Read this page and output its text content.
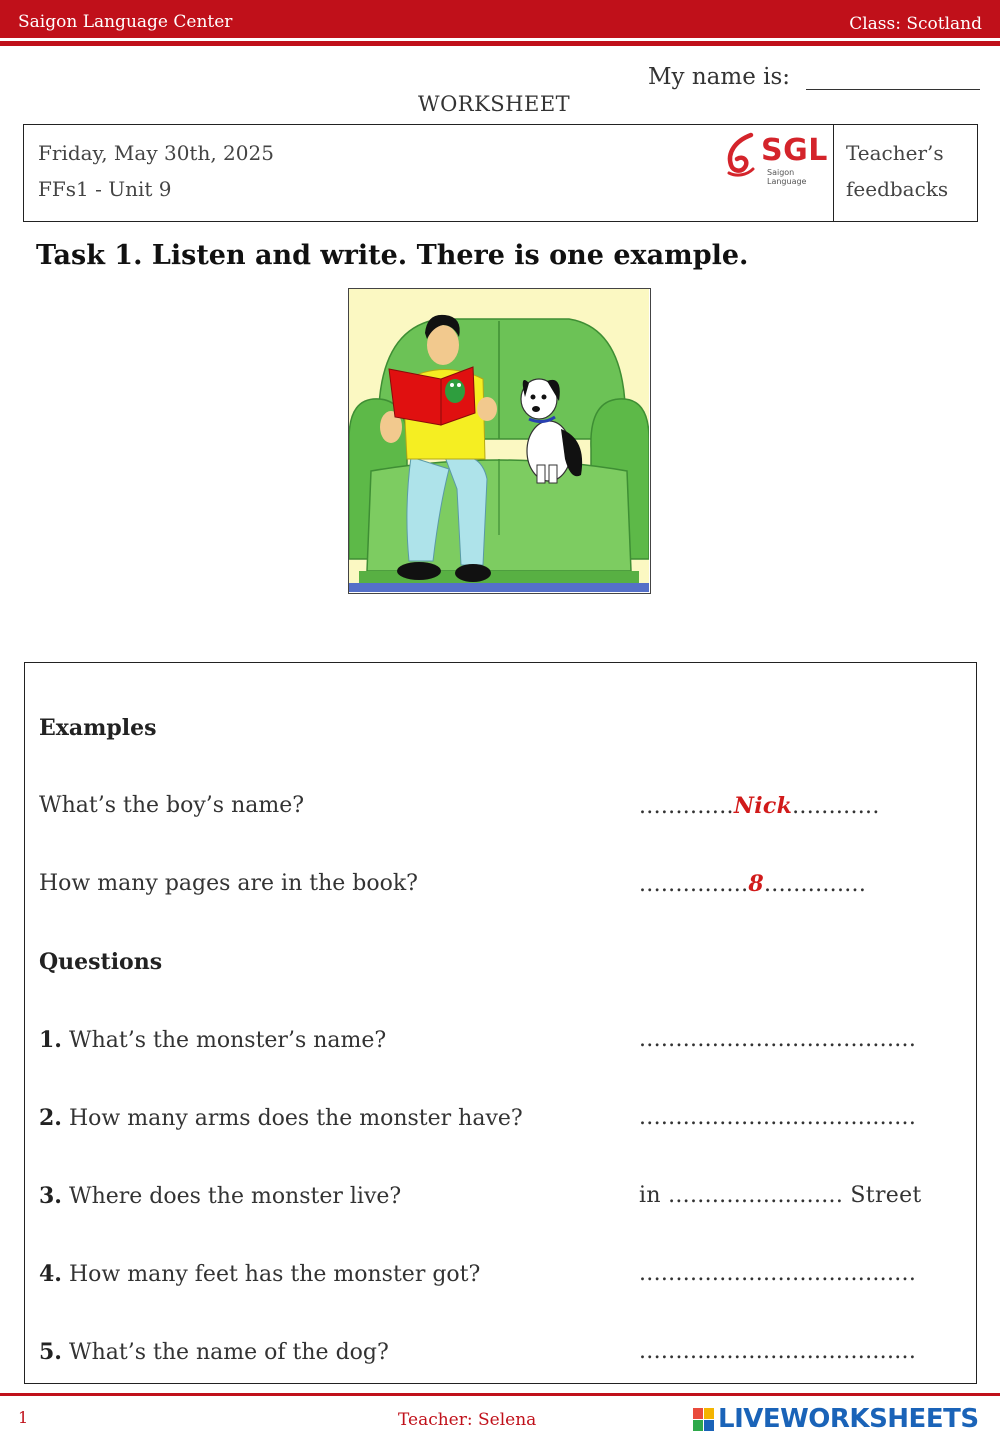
Saigon Language Center	Class: Scotland
My name is:
WORKSHEET
Friday, May 30th, 2025
FFs1 - Unit 9
SGL
Saigon Language
Teacher’s
feedbacks
Task 1. Listen and write. There is one example.
Examples
What’s the boy’s name?	.............Nick............
How many pages are in the book?	...............8..............
Questions
1. What’s the monster’s name?	......................................
2. How many arms does the monster have?	......................................
3. Where does the monster live?	in ........................ Street
4. How many feet has the monster got?	......................................
5. What’s the name of the dog?	......................................
1	Teacher: Selena	LIVEWORKSHEETS
